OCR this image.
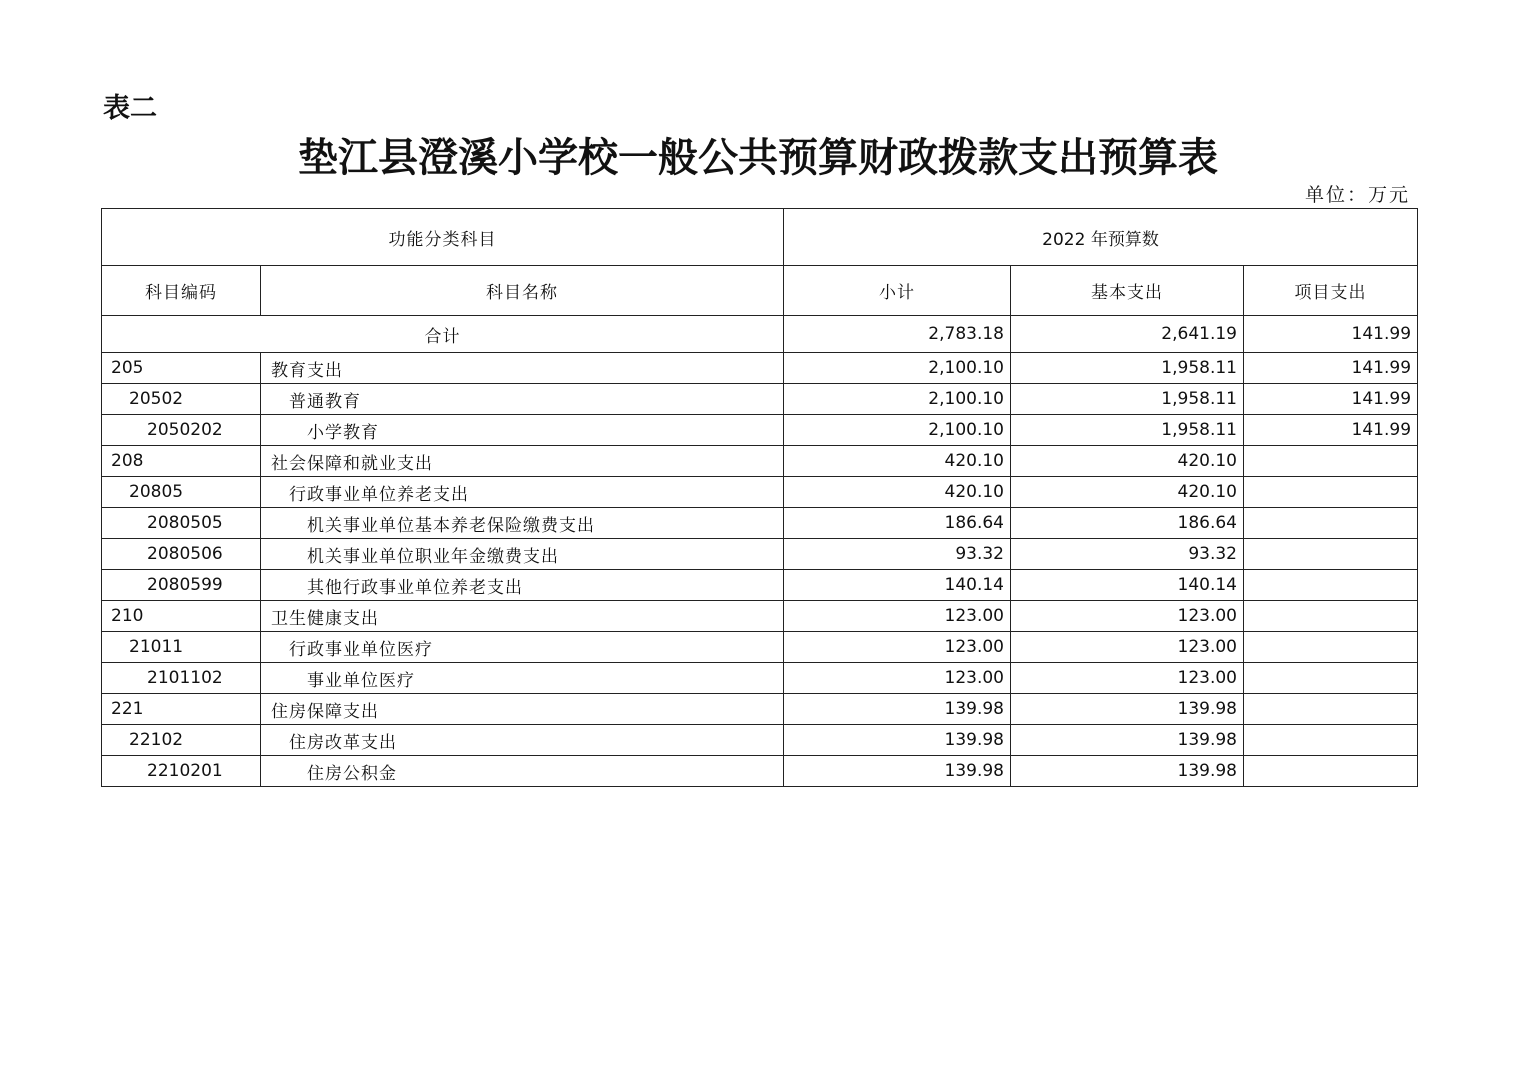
表二
垫江县澄溪小学校一般公共预算财政拨款支出预算表
单位：万元
功能分类科目		2022 年预算数		
科目编码	科目名称	小计	基本支出	项目支出
合计		2,783.18	2,641.19	141.99
205	教育支出	2,100.10	1,958.11	141.99
20502	普通教育	2,100.10	1,958.11	141.99
2050202	小学教育	2,100.10	1,958.11	141.99
208	社会保障和就业支出	420.10	420.10	
20805	行政事业单位养老支出	420.10	420.10	
2080505	机关事业单位基本养老保险缴费支出	186.64	186.64	
2080506	机关事业单位职业年金缴费支出	93.32	93.32	
2080599	其他行政事业单位养老支出	140.14	140.14	
210	卫生健康支出	123.00	123.00	
21011	行政事业单位医疗	123.00	123.00	
2101102	事业单位医疗	123.00	123.00	
221	住房保障支出	139.98	139.98	
22102	住房改革支出	139.98	139.98	
2210201	住房公积金	139.98	139.98	
